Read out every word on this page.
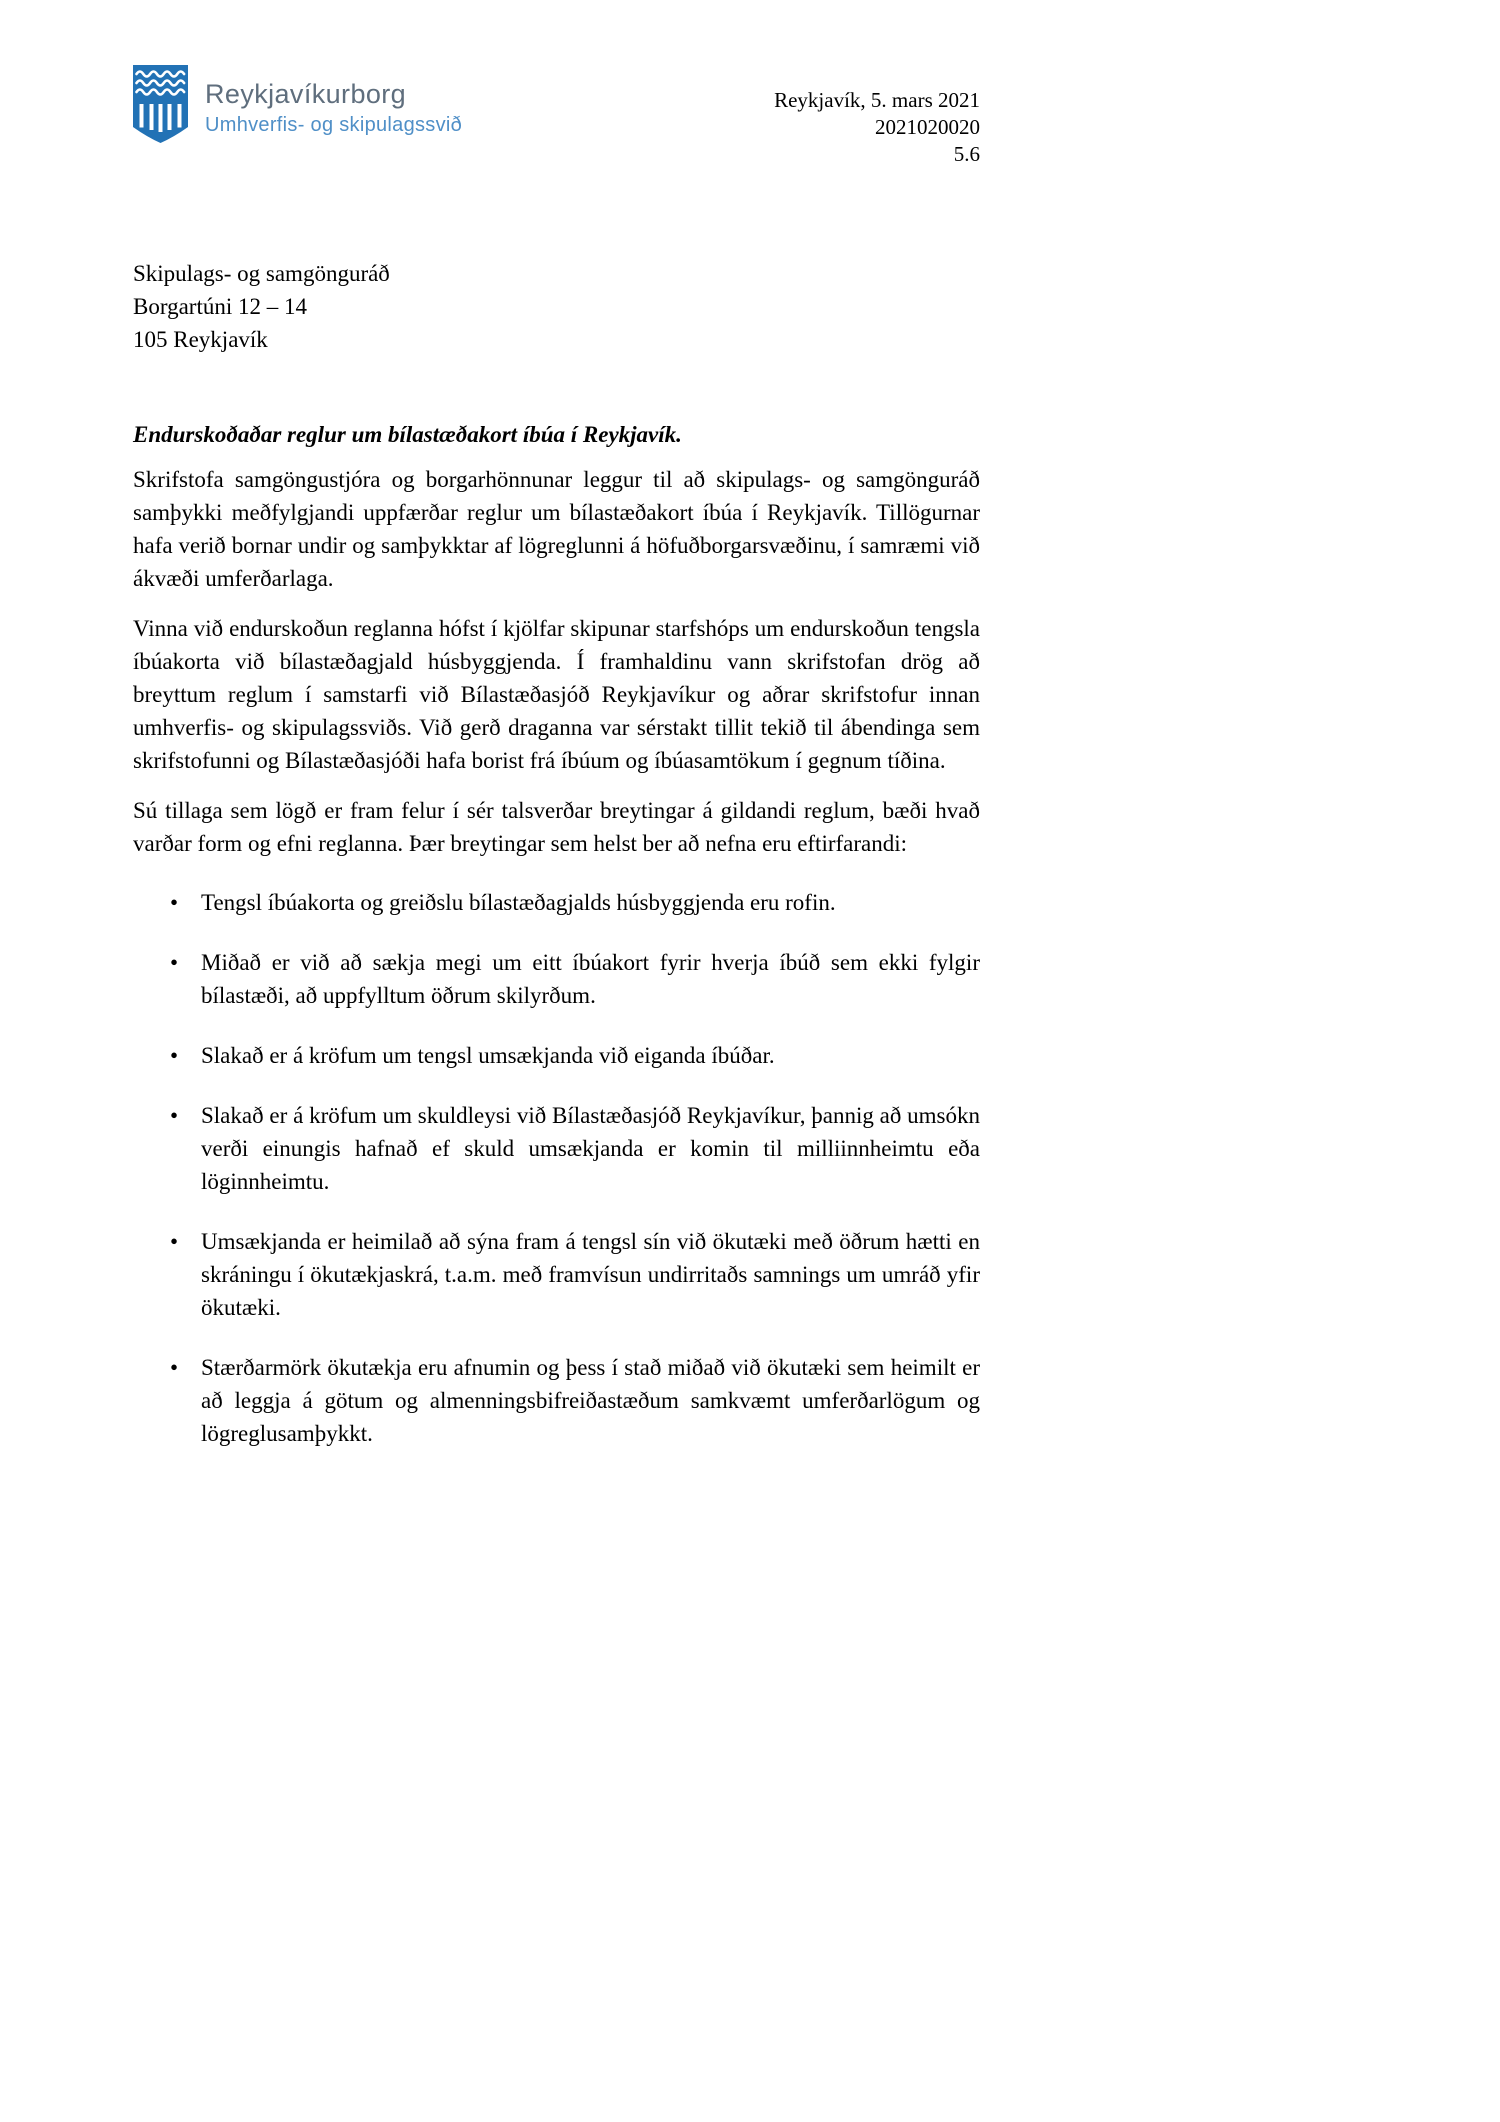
Reykjavíkurborg
Umhverfis- og skipulagssvið
Reykjavík, 5. mars 2021
2021020020
5.6
Skipulags- og samgönguráð
Borgartúni 12 – 14
105 Reykjavík
Endurskoðaðar reglur um bílastæðakort íbúa í Reykjavík.

Skrifstofa samgöngustjóra og borgarhönnunar leggur til að skipulags- og samgönguráð samþykki meðfylgjandi uppfærðar reglur um bílastæðakort íbúa í Reykjavík. Tillögurnar hafa verið bornar undir og samþykktar af lögreglunni á höfuðborgarsvæðinu, í samræmi við ákvæði umferðarlaga.

Vinna við endurskoðun reglanna hófst í kjölfar skipunar starfshóps um endurskoðun tengsla íbúakorta við bílastæðagjald húsbyggjenda. Í framhaldinu vann skrifstofan drög að breyttum reglum í samstarfi við Bílastæðasjóð Reykjavíkur og aðrar skrifstofur innan umhverfis- og skipulagssviðs. Við gerð draganna var sérstakt tillit tekið til ábendinga sem skrifstofunni og Bílastæðasjóði hafa borist frá íbúum og íbúasamtökum í gegnum tíðina.

Sú tillaga sem lögð er fram felur í sér talsverðar breytingar á gildandi reglum, bæði hvað varðar form og efni reglanna. Þær breytingar sem helst ber að nefna eru eftirfarandi:

• Tengsl íbúakorta og greiðslu bílastæðagjalds húsbyggjenda eru rofin.
• Miðað er við að sækja megi um eitt íbúakort fyrir hverja íbúð sem ekki fylgir bílastæði, að uppfylltum öðrum skilyrðum.
• Slakað er á kröfum um tengsl umsækjanda við eiganda íbúðar.
• Slakað er á kröfum um skuldleysi við Bílastæðasjóð Reykjavíkur, þannig að umsókn verði einungis hafnað ef skuld umsækjanda er komin til milliinnheimtu eða löginnheimtu.
• Umsækjanda er heimilað að sýna fram á tengsl sín við ökutæki með öðrum hætti en skráningu í ökutækjaskrá, t.a.m. með framvísun undirritaðs samnings um umráð yfir ökutæki.
• Stærðarmörk ökutækja eru afnumin og þess í stað miðað við ökutæki sem heimilt er að leggja á götum og almenningsbifreiðastæðum samkvæmt umferðarlögum og lögreglusamþykkt.
